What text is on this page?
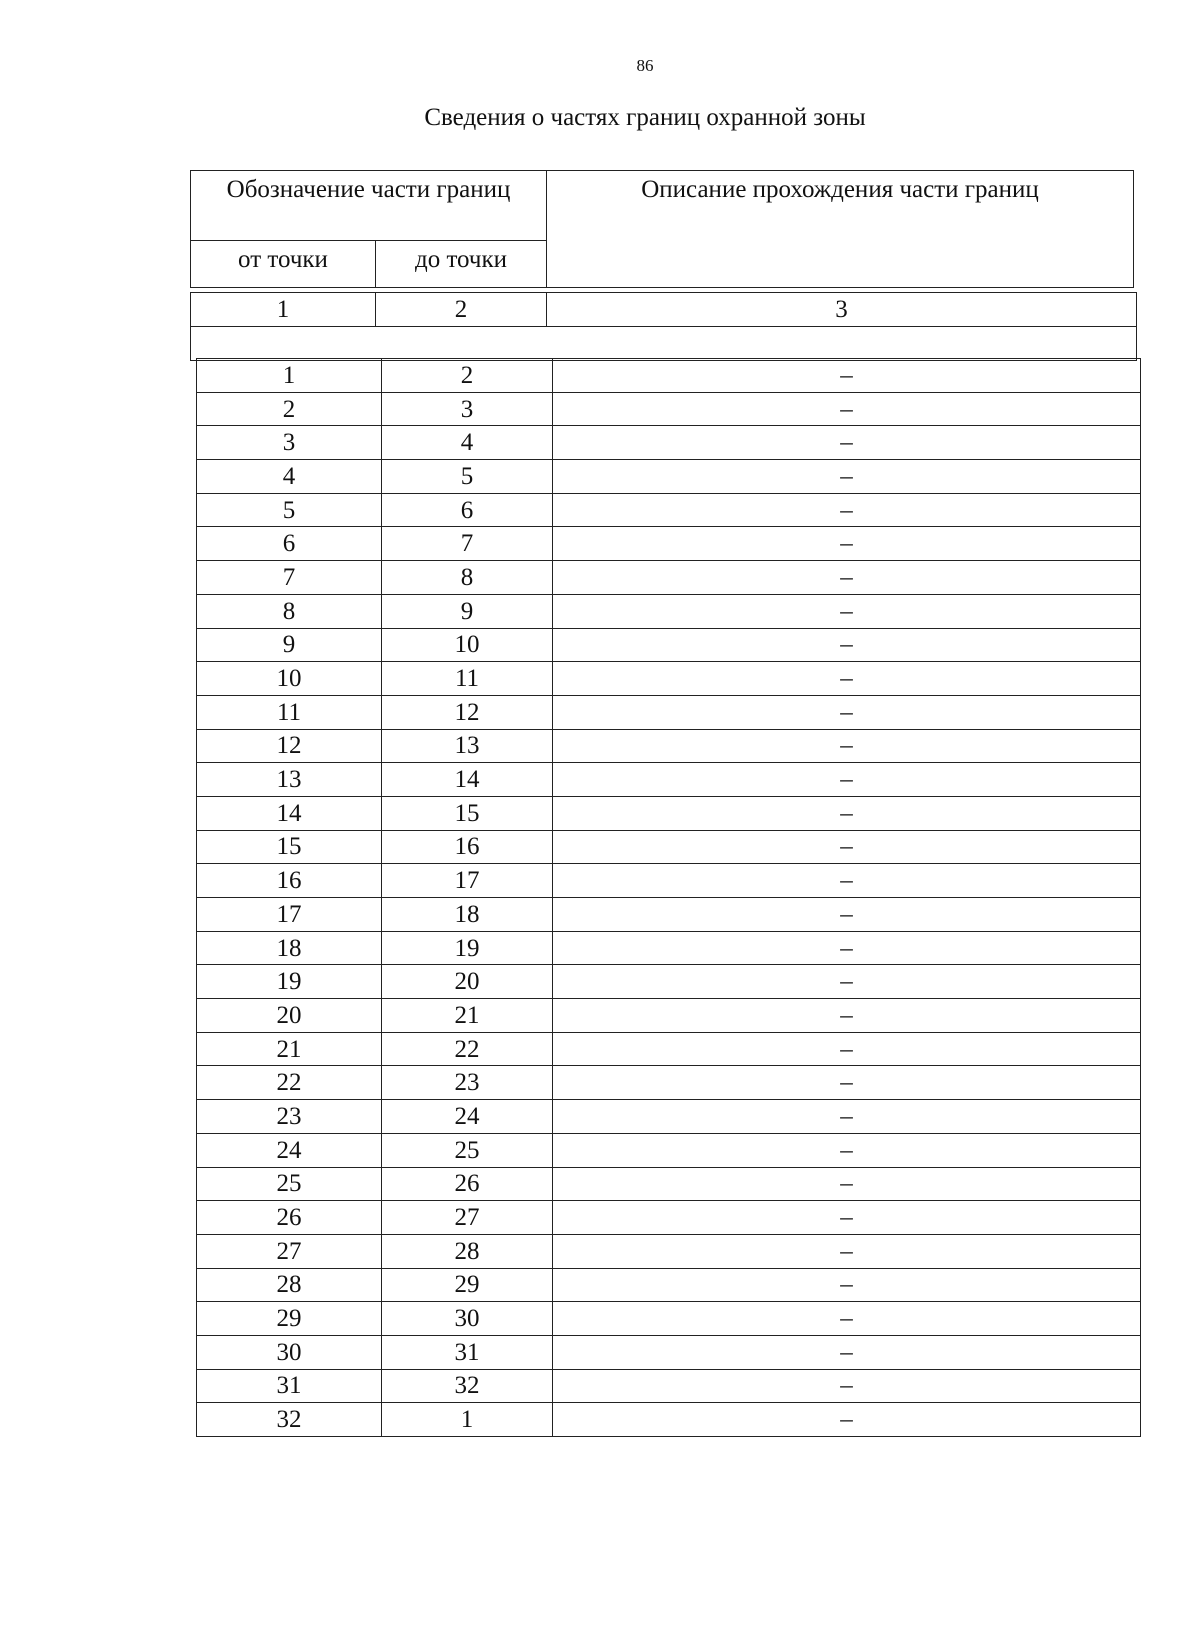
86
Сведения о частях границ охранной зоны
Обозначение части границ		Описание прохождения части границ
от точки	до точки	
1	2	3

1	2	–
2	3	–
3	4	–
4	5	–
5	6	–
6	7	–
7	8	–
8	9	–
9	10	–
10	11	–
11	12	–
12	13	–
13	14	–
14	15	–
15	16	–
16	17	–
17	18	–
18	19	–
19	20	–
20	21	–
21	22	–
22	23	–
23	24	–
24	25	–
25	26	–
26	27	–
27	28	–
28	29	–
29	30	–
30	31	–
31	32	–
32	1	–
